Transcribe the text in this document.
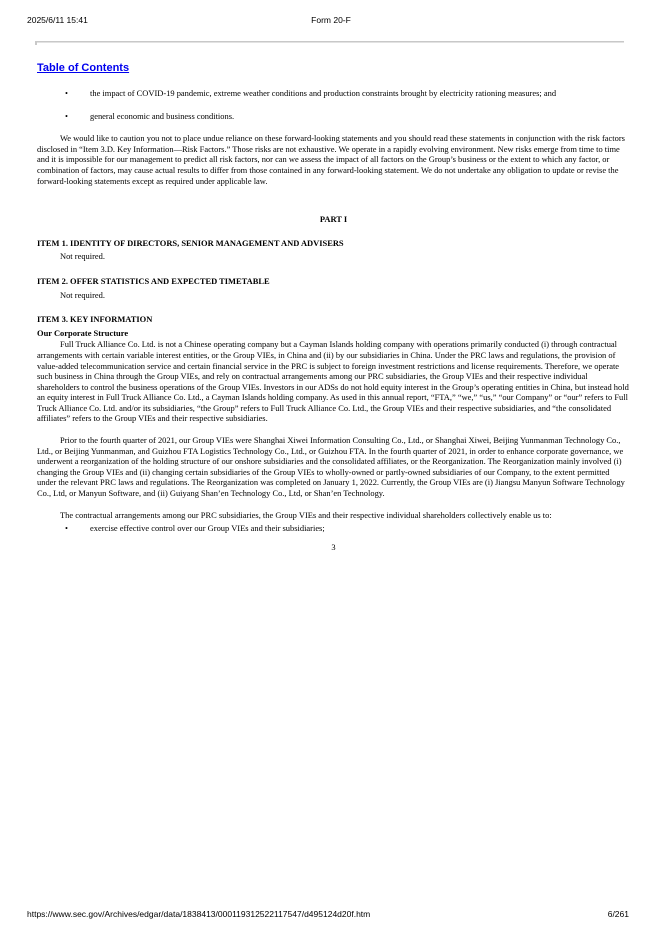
2025/6/11 15:41	Form 20-F
Table of Contents
•	the impact of COVID-19 pandemic, extreme weather conditions and production constraints brought by electricity rationing measures; and
•	general economic and business conditions.

We would like to caution you not to place undue reliance on these forward-looking statements and you should read these statements in conjunction with the risk factors disclosed in “Item 3.D. Key Information—Risk Factors.” Those risks are not exhaustive. We operate in a rapidly evolving environment. New risks emerge from time to time and it is impossible for our management to predict all risk factors, nor can we assess the impact of all factors on the Group’s business or the extent to which any factor, or combination of factors, may cause actual results to differ from those contained in any forward-looking statement. We do not undertake any obligation to update or revise the forward-looking statements except as required under applicable law.

PART I

ITEM 1. IDENTITY OF DIRECTORS, SENIOR MANAGEMENT AND ADVISERS

Not required.

ITEM 2. OFFER STATISTICS AND EXPECTED TIMETABLE

Not required.

ITEM 3. KEY INFORMATION

Our Corporate Structure

Full Truck Alliance Co. Ltd. is not a Chinese operating company but a Cayman Islands holding company with operations primarily conducted (i) through contractual arrangements with certain variable interest entities, or the Group VIEs, in China and (ii) by our subsidiaries in China. Under the PRC laws and regulations, the provision of value-added telecommunication service and certain financial service in the PRC is subject to foreign investment restrictions and license requirements. Therefore, we operate such business in China through the Group VIEs, and rely on contractual arrangements among our PRC subsidiaries, the Group VIEs and their respective individual shareholders to control the business operations of the Group VIEs. Investors in our ADSs do not hold equity interest in the Group’s operating entities in China, but instead hold an equity interest in Full Truck Alliance Co. Ltd., a Cayman Islands holding company. As used in this annual report, “FTA,” “we,” “us,” “our Company” or “our” refers to Full Truck Alliance Co. Ltd. and/or its subsidiaries, “the Group” refers to Full Truck Alliance Co. Ltd., the Group VIEs and their respective subsidiaries, and “the consolidated affiliates” refers to the Group VIEs and their respective subsidiaries.

Prior to the fourth quarter of 2021, our Group VIEs were Shanghai Xiwei Information Consulting Co., Ltd., or Shanghai Xiwei, Beijing Yunmanman Technology Co., Ltd., or Beijing Yunmanman, and Guizhou FTA Logistics Technology Co., Ltd., or Guizhou FTA. In the fourth quarter of 2021, in order to enhance corporate governance, we underwent a reorganization of the holding structure of our onshore subsidiaries and the consolidated affiliates, or the Reorganization. The Reorganization mainly involved (i) changing the Group VIEs and (ii) changing certain subsidiaries of the Group VIEs to wholly-owned or partly-owned subsidiaries of our Company, to the extent permitted under the relevant PRC laws and regulations. The Reorganization was completed on January 1, 2022. Currently, the Group VIEs are (i) Jiangsu Manyun Software Technology Co., Ltd, or Manyun Software, and (ii) Guiyang Shan’en Technology Co., Ltd, or Shan’en Technology.

The contractual arrangements among our PRC subsidiaries, the Group VIEs and their respective individual shareholders collectively enable us to:

•	exercise effective control over our Group VIEs and their subsidiaries;

3

https://www.sec.gov/Archives/edgar/data/1838413/000119312522117547/d495124d20f.htm	6/261
